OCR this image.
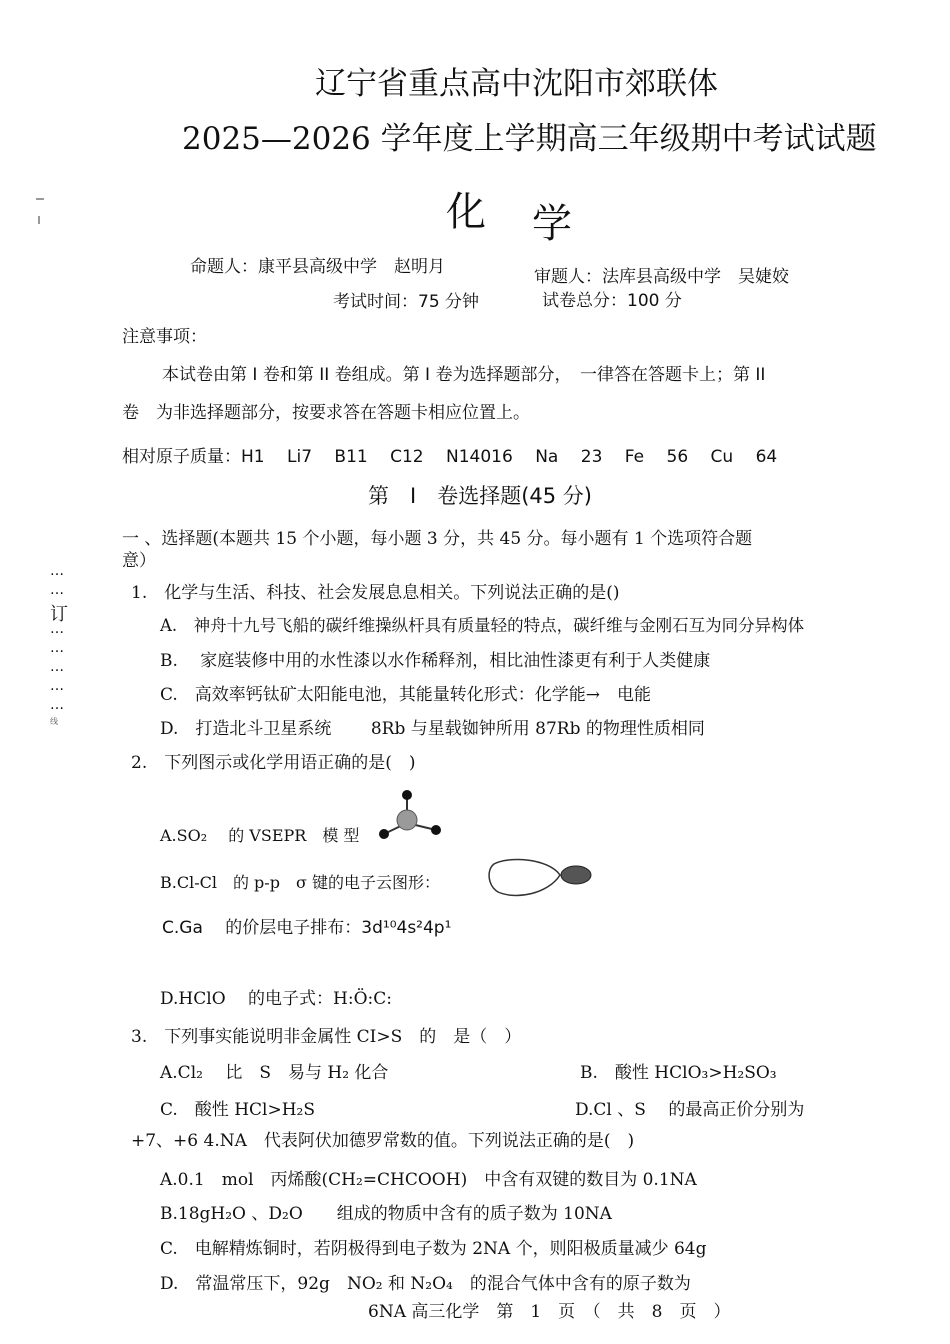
辽宁省重点高中沈阳市郊联体
2025—2026 学年度上学期高三年级期中考试试题
化 学
命题人：康平县高级中学　赵明月	审题人：法库县高级中学　吴婕姣
考试时间：75 分钟	试卷总分：100 分
注意事项：
本试卷由第 I 卷和第 II 卷组成。第 I 卷为选择题部分，　一律答在答题卡上；第 II
卷　为非选择题部分，按要求答在答题卡相应位置上。
相对原子质量：H1　 Li7　 B11　 C12　 N14016　 Na　 23　 Fe　 56　 Cu　 64
第　I　卷选择题(45 分)
一 、选择题(本题共 15 个小题，每小题 3 分，共 45 分。每小题有 1 个选项符合题
意）
…
…
订
…
…
…
…
…
线
1.　化学与生活、科技、社会发展息息相关。下列说法正确的是()
A.　神舟十九号飞船的碳纤维操纵杆具有质量轻的特点，碳纤维与金刚石互为同分异构体
B.　 家庭装修中用的水性漆以水作稀释剂，相比油性漆更有利于人类健康
C.　高效率钙钛矿太阳能电池，其能量转化形式：化学能→　电能
D.　打造北斗卫星系统　　 8Rb 与星载铷钟所用 87Rb 的物理性质相同
2.　下列图示或化学用语正确的是(　)
A.SO₂　 的 VSEPR　模 型
B.Cl-Cl　的 p-p　σ 键的电子云图形：
C.Ga　 的价层电子排布：3d¹⁰4s²4p¹
D.HClO　 的电子式：H:Ö:C:
3.　下列事实能说明非金属性 CI>S　的　是（　）
A.Cl₂　 比　S　易与 H₂ 化合	B.　酸性 HClO₃>H₂SO₃
C.　酸性 HCl>H₂S	D.Cl 、S　 的最高正价分别为
+7、+6 4.NA　代表阿伏加德罗常数的值。下列说法正确的是(　)
A.0.1　mol　丙烯酸(CH₂=CHCOOH)　中含有双键的数目为 0.1NA
B.18gH₂O 、D₂O　　组成的物质中含有的质子数为 10NA
C.　电解精炼铜时，若阴极得到电子数为 2NA 个，则阳极质量减少 64g
D.　常温常压下，92g　NO₂ 和 N₂O₄　的混合气体中含有的原子数为
6NA 高三化学　第　1　页　（　共　8　页　）
